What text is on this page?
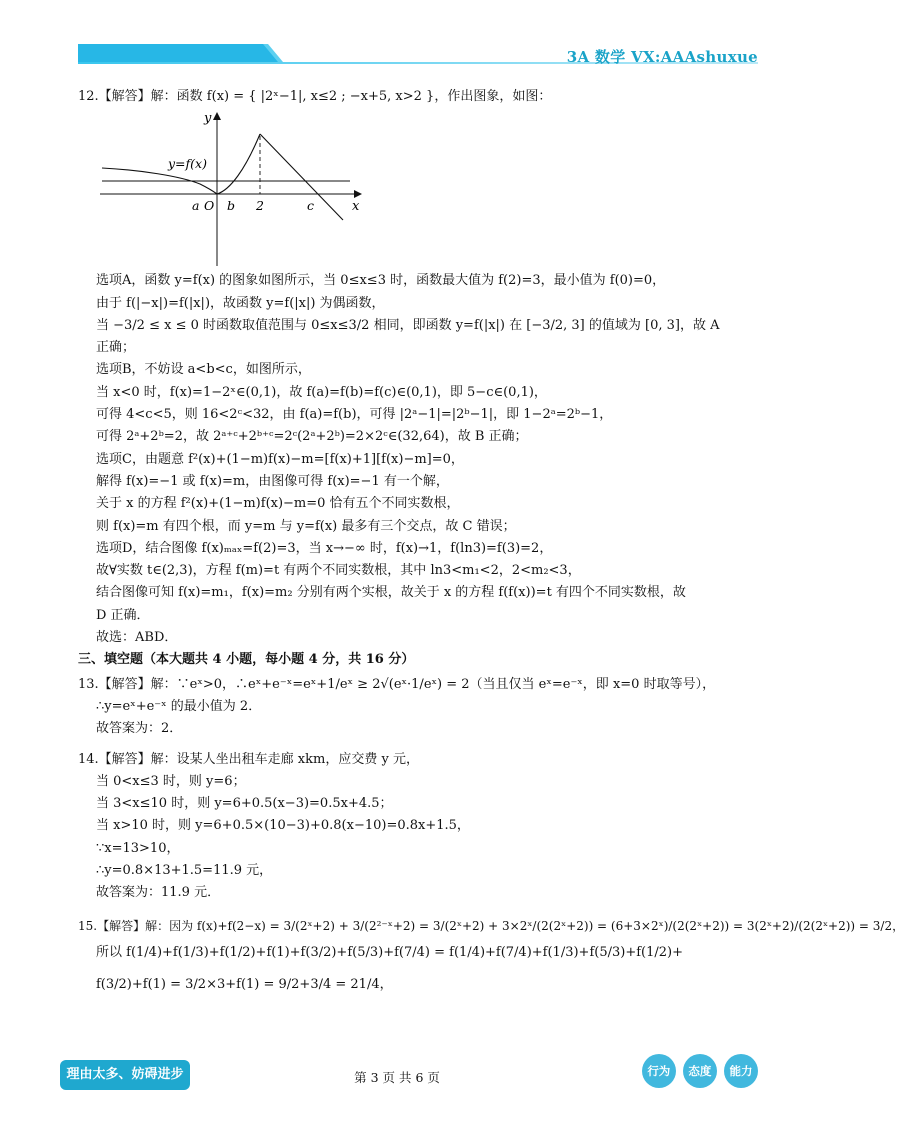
3A 数学 VX:AAAshuxue
12.【解答】解：函数 f(x) = { |2ˣ−1|, x≤2 ; −x+5, x>2 }，作出图象，如图：
y
x
y=f(x)
a O b 2	c
选项A，函数 y=f(x) 的图象如图所示，当 0≤x≤3 时，函数最大值为 f(2)=3，最小值为 f(0)=0，
由于 f(|−x|)=f(|x|)，故函数 y=f(|x|) 为偶函数，
当 −3/2 ≤ x ≤ 0 时函数取值范围与 0≤x≤3/2 相同，即函数 y=f(|x|) 在 [−3/2, 3] 的值域为 [0, 3]，故 A
正确；
选项B，不妨设 a<b<c，如图所示，
当 x<0 时，f(x)=1−2ˣ∈(0,1)，故 f(a)=f(b)=f(c)∈(0,1)，即 5−c∈(0,1)，
可得 4<c<5，则 16<2ᶜ<32，由 f(a)=f(b)，可得 |2ᵃ−1|=|2ᵇ−1|，即 1−2ᵃ=2ᵇ−1，
可得 2ᵃ+2ᵇ=2，故 2ᵃ⁺ᶜ+2ᵇ⁺ᶜ=2ᶜ(2ᵃ+2ᵇ)=2×2ᶜ∈(32,64)，故 B 正确；
选项C，由题意 f²(x)+(1−m)f(x)−m=[f(x)+1][f(x)−m]=0，
解得 f(x)=−1 或 f(x)=m，由图像可得 f(x)=−1 有一个解，
关于 x 的方程 f²(x)+(1−m)f(x)−m=0 恰有五个不同实数根，
则 f(x)=m 有四个根，而 y=m 与 y=f(x) 最多有三个交点，故 C 错误；
选项D，结合图像 f(x)ₘₐₓ=f(2)=3，当 x→−∞ 时，f(x)→1，f(ln3)=f(3)=2，
故∀实数 t∈(2,3)，方程 f(m)=t 有两个不同实数根，其中 ln3<m₁<2，2<m₂<3，
结合图像可知 f(x)=m₁，f(x)=m₂ 分别有两个实根，故关于 x 的方程 f(f(x))=t 有四个不同实数根，故
D 正确．
故选：ABD．
三、填空题（本大题共 4 小题，每小题 4 分，共 16 分）
13.【解答】解：∵eˣ>0，∴eˣ+e⁻ˣ=eˣ+1/eˣ ≥ 2√(eˣ·1/eˣ) = 2（当且仅当 eˣ=e⁻ˣ，即 x=0 时取等号），
∴y=eˣ+e⁻ˣ 的最小值为 2．
故答案为：2．
14.【解答】解：设某人坐出租车走廊 xkm，应交费 y 元，
当 0<x≤3 时，则 y=6；
当 3<x≤10 时，则 y=6+0.5(x−3)=0.5x+4.5；
当 x>10 时，则 y=6+0.5×(10−3)+0.8(x−10)=0.8x+1.5，
∵x=13>10，
∴y=0.8×13+1.5=11.9 元，
故答案为：11.9 元．
15.【解答】解：因为 f(x)+f(2−x) = 3/(2ˣ+2) + 3/(2²⁻ˣ+2) = 3/(2ˣ+2) + 3×2ˣ/(2(2ˣ+2)) = (6+3×2ˣ)/(2(2ˣ+2)) = 3(2ˣ+2)/(2(2ˣ+2)) = 3/2，
所以 f(1/4)+f(1/3)+f(1/2)+f(1)+f(3/2)+f(5/3)+f(7/4) = f(1/4)+f(7/4)+f(1/3)+f(5/3)+f(1/2)+
f(3/2)+f(1) = 3/2×3+f(1) = 9/2+3/4 = 21/4，
理由太多、妨碍进步	第 3 页 共 6 页	行为 态度 能力
